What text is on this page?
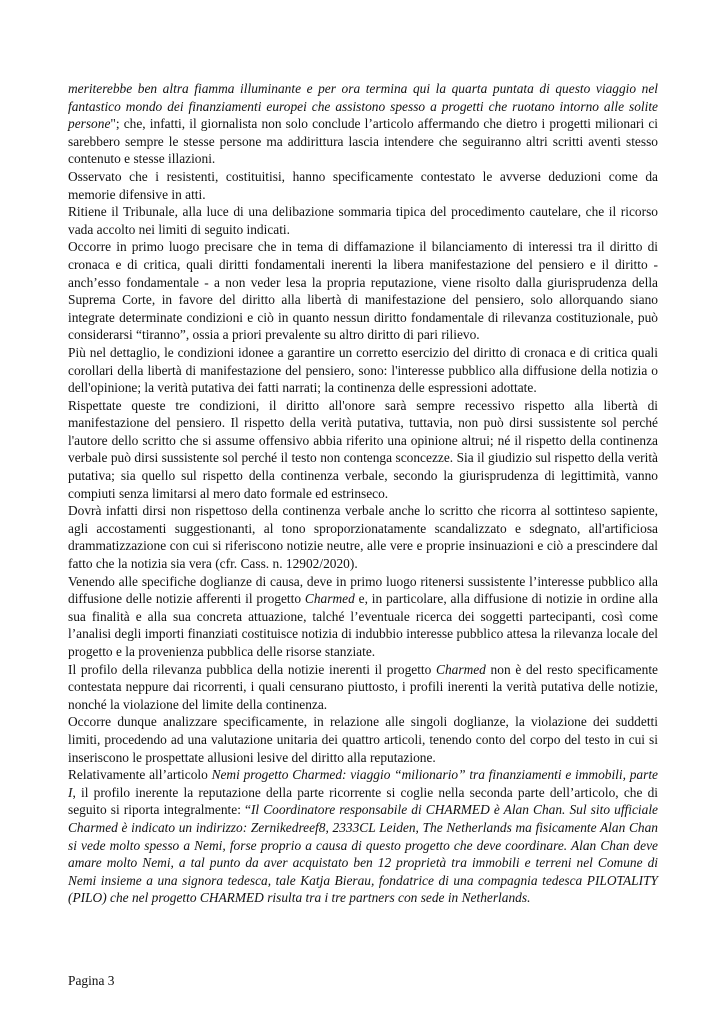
meriterebbe ben altra fiamma illuminante e per ora termina qui la quarta puntata di questo viaggio nel fantastico mondo dei finanziamenti europei che assistono spesso a progetti che ruotano intorno alle solite persone"; che, infatti, il giornalista non solo conclude l’articolo affermando che dietro i progetti milionari ci sarebbero sempre le stesse persone ma addirittura lascia intendere che seguiranno altri scritti aventi stesso contenuto e stesse illazioni.

Osservato che i resistenti, costituitisi, hanno specificamente contestato le avverse deduzioni come da memorie difensive in atti.

Ritiene il Tribunale, alla luce di una delibazione sommaria tipica del procedimento cautelare, che il ricorso vada accolto nei limiti di seguito indicati.

Occorre in primo luogo precisare che in tema di diffamazione il bilanciamento di interessi tra il diritto di cronaca e di critica, quali diritti fondamentali inerenti la libera manifestazione del pensiero e il diritto - anch’esso fondamentale - a non veder lesa la propria reputazione, viene risolto dalla giurisprudenza della Suprema Corte, in favore del diritto alla libertà di manifestazione del pensiero, solo allorquando siano integrate determinate condizioni e ciò in quanto nessun diritto fondamentale di rilevanza costituzionale, può considerarsi “tiranno”, ossia a priori prevalente su altro diritto di pari rilievo.

Più nel dettaglio, le condizioni idonee a garantire un corretto esercizio del diritto di cronaca e di critica quali corollari della libertà di manifestazione del pensiero, sono: l'interesse pubblico alla diffusione della notizia o dell'opinione; la verità putativa dei fatti narrati; la continenza delle espressioni adottate.

Rispettate queste tre condizioni, il diritto all'onore sarà sempre recessivo rispetto alla libertà di manifestazione del pensiero. Il rispetto della verità putativa, tuttavia, non può dirsi sussistente sol perché l'autore dello scritto che si assume offensivo abbia riferito una opinione altrui; né il rispetto della continenza verbale può dirsi sussistente sol perché il testo non contenga sconcezze. Sia il giudizio sul rispetto della verità putativa; sia quello sul rispetto della continenza verbale, secondo la giurisprudenza di legittimità, vanno compiuti senza limitarsi al mero dato formale ed estrinseco.

Dovrà infatti dirsi non rispettoso della continenza verbale anche lo scritto che ricorra al sottinteso sapiente, agli accostamenti suggestionanti, al tono sproporzionatamente scandalizzato e sdegnato, all'artificiosa drammatizzazione con cui si riferiscono notizie neutre, alle vere e proprie insinuazioni e ciò a prescindere dal fatto che la notizia sia vera (cfr. Cass. n. 12902/2020).

Venendo alle specifiche doglianze di causa, deve in primo luogo ritenersi sussistente l’interesse pubblico alla diffusione delle notizie afferenti il progetto Charmed e, in particolare, alla diffusione di notizie in ordine alla sua finalità e alla sua concreta attuazione, talché l’eventuale ricerca dei soggetti partecipanti, così come l’analisi degli importi finanziati costituisce notizia di indubbio interesse pubblico attesa la rilevanza locale del progetto e la provenienza pubblica delle risorse stanziate.

Il profilo della rilevanza pubblica della notizie inerenti il progetto Charmed non è del resto specificamente contestata neppure dai ricorrenti, i quali censurano piuttosto, i profili inerenti la verità putativa delle notizie, nonché la violazione del limite della continenza.

Occorre dunque analizzare specificamente, in relazione alle singoli doglianze, la violazione dei suddetti limiti, procedendo ad una valutazione unitaria dei quattro articoli, tenendo conto del corpo del testo in cui si inseriscono le prospettate allusioni lesive del diritto alla reputazione.

Relativamente all’articolo Nemi progetto Charmed: viaggio “milionario” tra finanziamenti e immobili, parte I, il profilo inerente la reputazione della parte ricorrente si coglie nella seconda parte dell’articolo, che di seguito si riporta integralmente: “Il Coordinatore responsabile di CHARMED è Alan Chan. Sul sito ufficiale Charmed è indicato un indirizzo: Zernikedreef8, 2333CL Leiden, The Netherlands ma fisicamente Alan Chan si vede molto spesso a Nemi, forse proprio a causa di questo progetto che deve coordinare. Alan Chan deve amare molto Nemi, a tal punto da aver acquistato ben 12 proprietà tra immobili e terreni nel Comune di Nemi insieme a una signora tedesca, tale Katja Bierau, fondatrice di una compagnia tedesca PILOTALITY (PILO) che nel progetto CHARMED risulta tra i tre partners con sede in Netherlands.

Pagina 3
